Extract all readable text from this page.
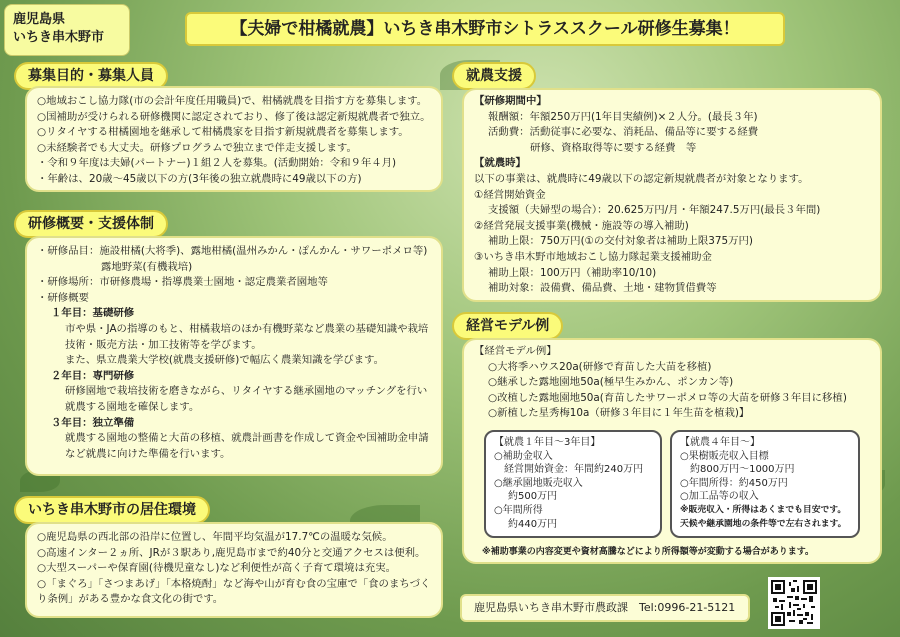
鹿児島県
いちき串木野市	【夫婦で柑橘就農】いちき串木野市シトラススクール研修生募集！
募集目的・募集人員
○地域おこし協力隊(市の会計年度任用職員)で、柑橘就農を目指す方を募集します。
○国補助が受けられる研修機関に認定されており、修了後は認定新規就農者で独立。
○リタイヤする柑橘園地を継承して柑橘農家を目指す新規就農者を募集します。
○未経験者でも大丈夫。研修プログラムで独立まで伴走支援します。
・令和９年度は夫婦(パートナー)１組２人を募集。(活動開始：令和９年４月)
・年齢は、20歳～45歳以下の方(3年後の独立就農時に49歳以下の方)
研修概要・支援体制
・研修品目：施設柑橘(大将季)、露地柑橘(温州みかん・ぽんかん・サワーポメロ等)
露地野菜(有機栽培)
・研修場所：市研修農場・指導農業士園地・認定農業者園地等
・研修概要
１年目：基礎研修
市や県・JAの指導のもと、柑橘栽培のほか有機野菜など農業の基礎知識や栽培
技術・販売方法・加工技術等を学びます。
また、県立農業大学校(就農支援研修)で幅広く農業知識を学びます。
２年目：専門研修
研修園地で栽培技術を磨きながら、リタイヤする継承園地のマッチングを行い
就農する園地を確保します。
３年目：独立準備
就農する園地の整備と大苗の移植、就農計画書を作成して資金や国補助金申請
など就農に向けた準備を行います。
いちき串木野市の居住環境
○鹿児島県の西北部の沿岸に位置し、年間平均気温が17.7℃の温暖な気候。
○高速インター２ヵ所、JRが３駅あり,鹿児島市まで約40分と交通アクセスは便利。
○大型スーパーや保育園(待機児童なし)など利便性が高く子育て環境は充実。
○「まぐろ」「さつまあげ」「本格焼酎」など海や山が育む食の宝庫で「食のまちづく
り条例」がある豊かな食文化の街です。
就農支援
【研修期間中】
報酬額：年額250万円(1年目実績例)×２人分。(最長３年)
活動費：活動従事に必要な、消耗品、備品等に要する経費
研修、資格取得等に要する経費　等
【就農時】
以下の事業は、就農時に49歳以下の認定新規就農者が対象となります。
①経営開始資金
支援額（夫婦型の場合）：20.625万円/月・年額247.5万円(最長３年間)
②経営発展支援事業(機械・施設等の導入補助)
補助上限：750万円(①の交付対象者は補助上限375万円)
③いちき串木野市地域おこし協力隊起業支援補助金
補助上限：100万円（補助率10/10)
補助対象：設備費、備品費、土地・建物賃借費等
経営モデル例
【経営モデル例】
○大将季ハウス20a(研修で育苗した大苗を移植)
○継承した露地園地50a(極早生みかん、ポンカン等)
○改植した露地園地50a(育苗したサワーポメロ等の大苗を研修３年目に移植)
○新植した星秀梅10a（研修３年目に１年生苗を植栽)】
【就農１年目～3年目】
○補助金収入
経営開始資金：年間約240万円
○継承園地販売収入
約500万円
○年間所得
約440万円
【就農４年目～】
○果樹販売収入目標
約800万円～1000万円
○年間所得：約450万円
○加工品等の収入
※販売収入・所得はあくまでも目安です。
天候や継承園地の条件等で左右されます。
※補助事業の内容変更や資材高騰などにより所得額等が変動する場合があります。
鹿児島県いちき串木野市農政課　Tel:0996-21-5121
